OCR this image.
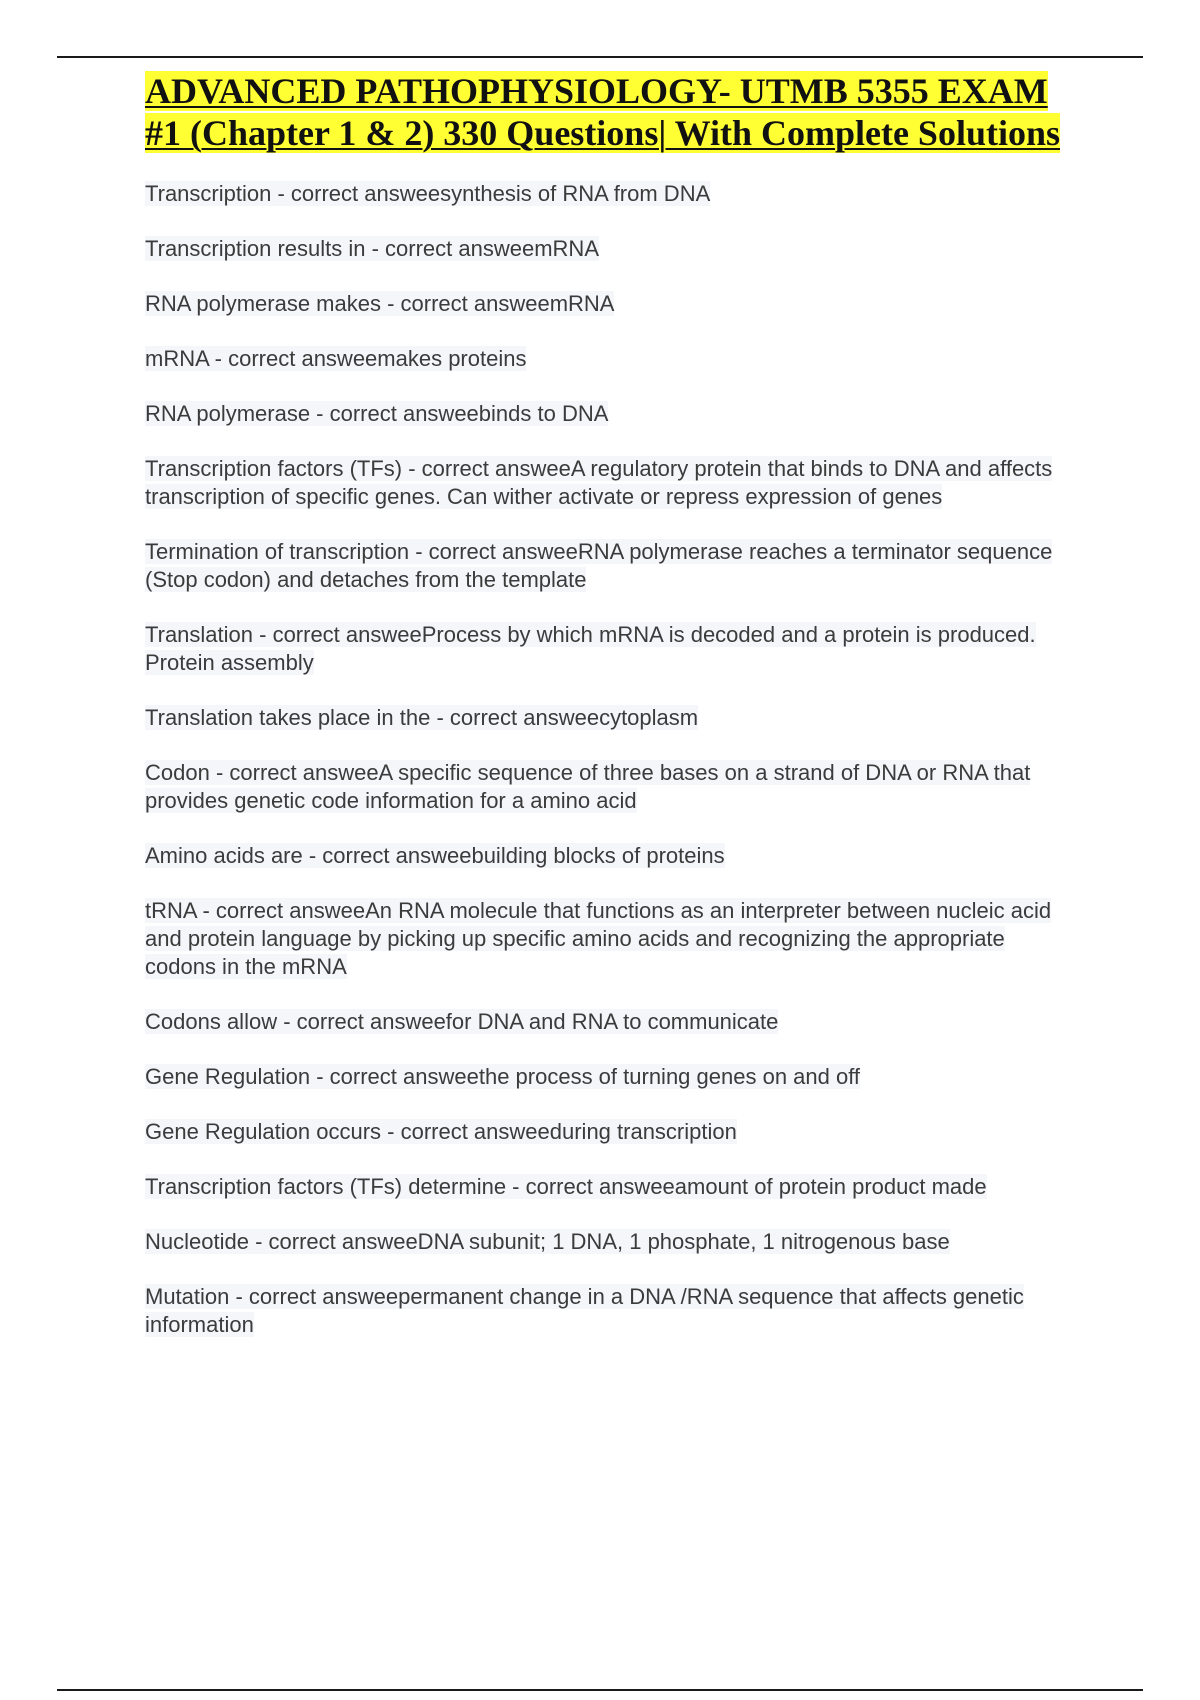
ADVANCED PATHOPHYSIOLOGY- UTMB 5355 EXAM #1 (Chapter 1 & 2) 330 Questions| With Complete Solutions

Transcription - correct answeesynthesis of RNA from DNA

Transcription results in - correct answeemRNA

RNA polymerase makes - correct answeemRNA

mRNA - correct answeemakes proteins

RNA polymerase - correct answeebinds to DNA

Transcription factors (TFs) - correct answeeA regulatory protein that binds to DNA and affects transcription of specific genes. Can wither activate or repress expression of genes

Termination of transcription - correct answeeRNA polymerase reaches a terminator sequence (Stop codon) and detaches from the template

Translation - correct answeeProcess by which mRNA is decoded and a protein is produced. Protein assembly

Translation takes place in the - correct answeecytoplasm

Codon - correct answeeA specific sequence of three bases on a strand of DNA or RNA that provides genetic code information for a amino acid

Amino acids are - correct answeebuilding blocks of proteins

tRNA - correct answeeAn RNA molecule that functions as an interpreter between nucleic acid and protein language by picking up specific amino acids and recognizing the appropriate codons in the mRNA

Codons allow - correct answeefor DNA and RNA to communicate

Gene Regulation - correct answeethe process of turning genes on and off

Gene Regulation occurs - correct answeeduring transcription

Transcription factors (TFs) determine - correct answeeamount of protein product made

Nucleotide - correct answeeDNA subunit; 1 DNA, 1 phosphate, 1 nitrogenous base

Mutation - correct answeepermanent change in a DNA /RNA sequence that affects genetic information
